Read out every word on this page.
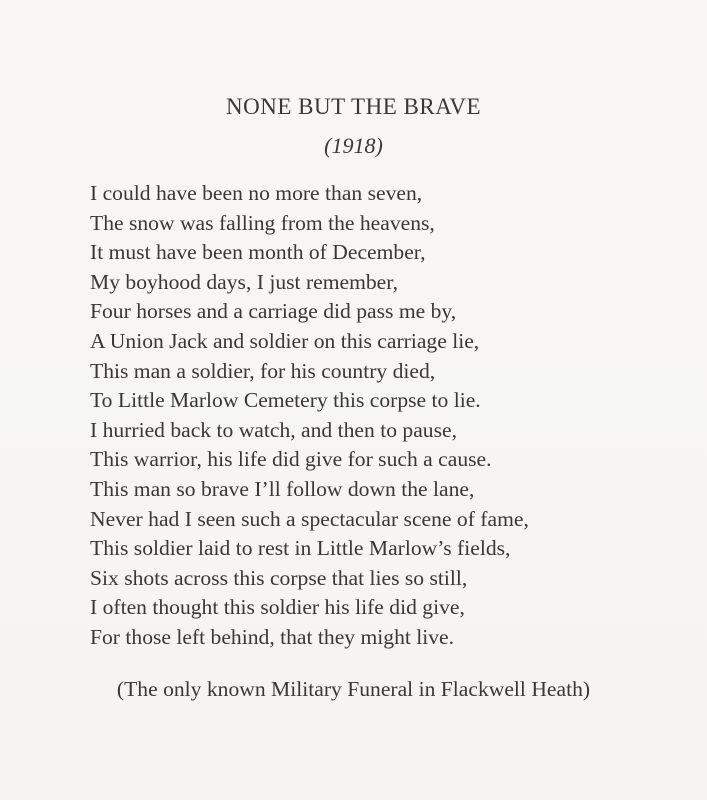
NONE BUT THE BRAVE

(1918)

I could have been no more than seven,
The snow was falling from the heavens,
It must have been month of December,
My boyhood days, I just remember,
Four horses and a carriage did pass me by,
A Union Jack and soldier on this carriage lie,
This man a soldier, for his country died,
To Little Marlow Cemetery this corpse to lie.
I hurried back to watch, and then to pause,
This warrior, his life did give for such a cause.
This man so brave I’ll follow down the lane,
Never had I seen such a spectacular scene of fame,
This soldier laid to rest in Little Marlow’s fields,
Six shots across this corpse that lies so still,
I often thought this soldier his life did give,
For those left behind, that they might live.

(The only known Military Funeral in Flackwell Heath)
